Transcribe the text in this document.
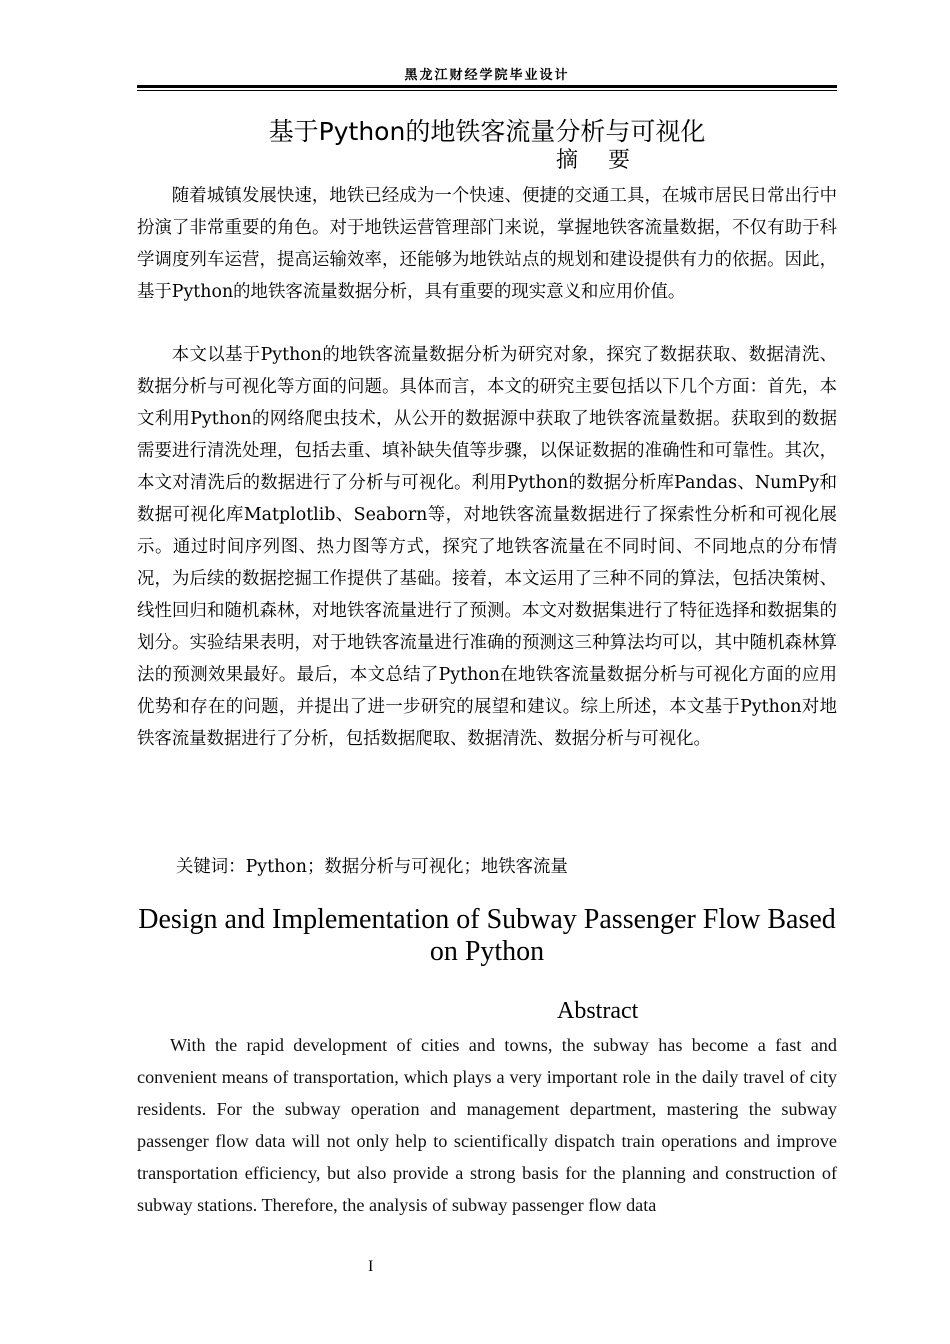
黑龙江财经学院毕业设计
基于Python的地铁客流量分析与可视化
摘要
随着城镇发展快速，地铁已经成为一个快速、便捷的交通工具，在城市居民日常出行中扮演了非常重要的角色。对于地铁运营管理部门来说，掌握地铁客流量数据，不仅有助于科学调度列车运营，提高运输效率，还能够为地铁站点的规划和建设提供有力的依据。因此，基于Python的地铁客流量数据分析，具有重要的现实意义和应用价值。
本文以基于Python的地铁客流量数据分析为研究对象，探究了数据获取、数据清洗、数据分析与可视化等方面的问题。具体而言，本文的研究主要包括以下几个方面：首先，本文利用Python的网络爬虫技术，从公开的数据源中获取了地铁客流量数据。获取到的数据需要进行清洗处理，包括去重、填补缺失值等步骤，以保证数据的准确性和可靠性。其次，本文对清洗后的数据进行了分析与可视化。利用Python的数据分析库Pandas、NumPy和数据可视化库Matplotlib、Seaborn等，对地铁客流量数据进行了探索性分析和可视化展示。通过时间序列图、热力图等方式，探究了地铁客流量在不同时间、不同地点的分布情况，为后续的数据挖掘工作提供了基础。接着，本文运用了三种不同的算法，包括决策树、线性回归和随机森林，对地铁客流量进行了预测。本文对数据集进行了特征选择和数据集的划分。实验结果表明，对于地铁客流量进行准确的预测这三种算法均可以，其中随机森林算法的预测效果最好。最后，本文总结了Python在地铁客流量数据分析与可视化方面的应用优势和存在的问题，并提出了进一步研究的展望和建议。综上所述，本文基于Python对地铁客流量数据进行了分析，包括数据爬取、数据清洗、数据分析与可视化。
关键词：Python；数据分析与可视化；地铁客流量
Design and Implementation of Subway Passenger Flow Based on Python
Abstract
With the rapid development of cities and towns, the subway has become a fast and convenient means of transportation, which plays a very important role in the daily travel of city residents. For the subway operation and management department, mastering the subway passenger flow data will not only help to scientifically dispatch train operations and improve transportation efficiency, but also provide a strong basis for the planning and construction of subway stations. Therefore, the analysis of subway passenger flow data
I
